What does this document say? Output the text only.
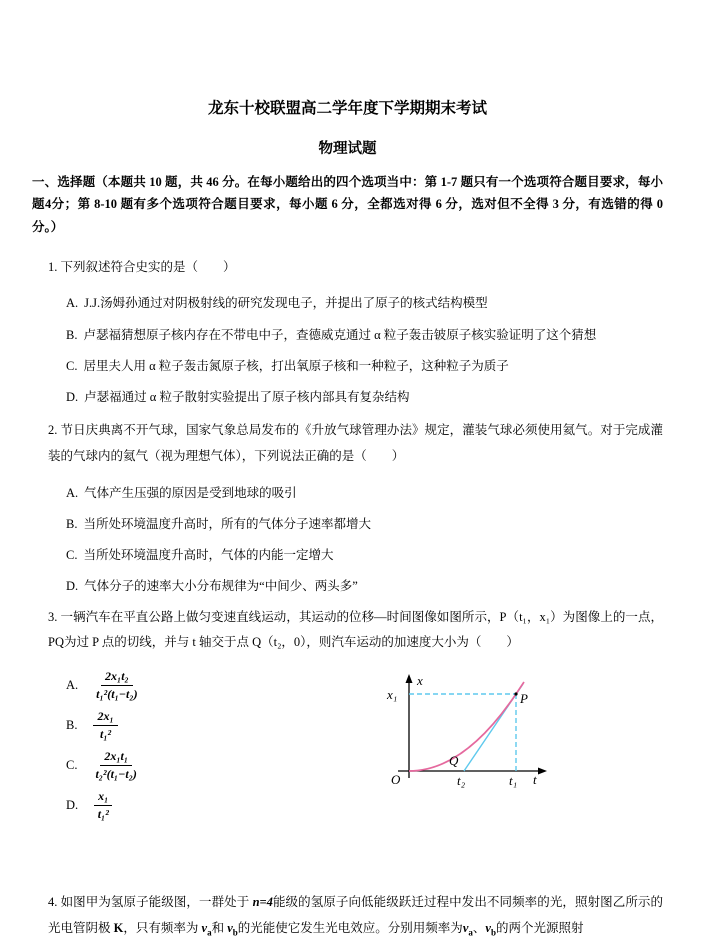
龙东十校联盟高二学年度下学期期末考试
物理试题

一、选择题（本题共 10 题，共 46 分。在每小题给出的四个选项当中：第 1-7 题只有一个选项符合题目要求，每小题4分；第 8-10 题有多个选项符合题目要求，每小题 6 分，全都选对得 6 分，选对但不全得 3 分，有选错的得 0 分。）

1. 下列叙述符合史实的是（　　）

A. J.J.汤姆孙通过对阴极射线的研究发现电子，并提出了原子的核式结构模型

B. 卢瑟福猜想原子核内存在不带电中子，查德威克通过 α 粒子轰击铍原子核实验证明了这个猜想

C. 居里夫人用 α 粒子轰击氮原子核，打出氧原子核和一种粒子，这种粒子为质子

D. 卢瑟福通过 α 粒子散射实验提出了原子核内部具有复杂结构

2. 节日庆典离不开气球，国家气象总局发布的《升放气球管理办法》规定，灌装气球必须使用氦气。对于完成灌装的气球内的氦气（视为理想气体），下列说法正确的是（　　）

A. 气体产生压强的原因是受到地球的吸引

B. 当所处环境温度升高时，所有的气体分子速率都增大

C. 当所处环境温度升高时，气体的内能一定增大

D. 气体分子的速率大小分布规律为“中间少、两头多”

3. 一辆汽车在平直公路上做匀变速直线运动，其运动的位移—时间图像如图所示，P（t₁，x₁）为图像上的一点，PQ为过 P 点的切线，并与 t 轴交于点 Q（t₂，0），则汽车运动的加速度大小为（　　）

A. $\frac{\text{2x₁t₂}}{\text{t₁²(t₁−t₂)}}$
B. $\frac{\text{2x₁}}{\text{t₁²}}$
C. $\frac{\text{2x₁t₁}}{\text{t₂²(t₁−t₂)}}$
D. $\frac{\text{x₁}}{\text{t₁²}}$
x
t
O
x₁
t₂	t₁
P
Q

4. 如图甲为氢原子能级图，一群处于 n=4能级的氢原子向低能级跃迁过程中发出不同频率的光，照射图乙所示的光电管阴极 K，只有频率为 $\nu_a$和 $\nu_b$的光能使它发生光电效应。分别用频率为$\nu_a$、$\nu_b$的两个光源照射
